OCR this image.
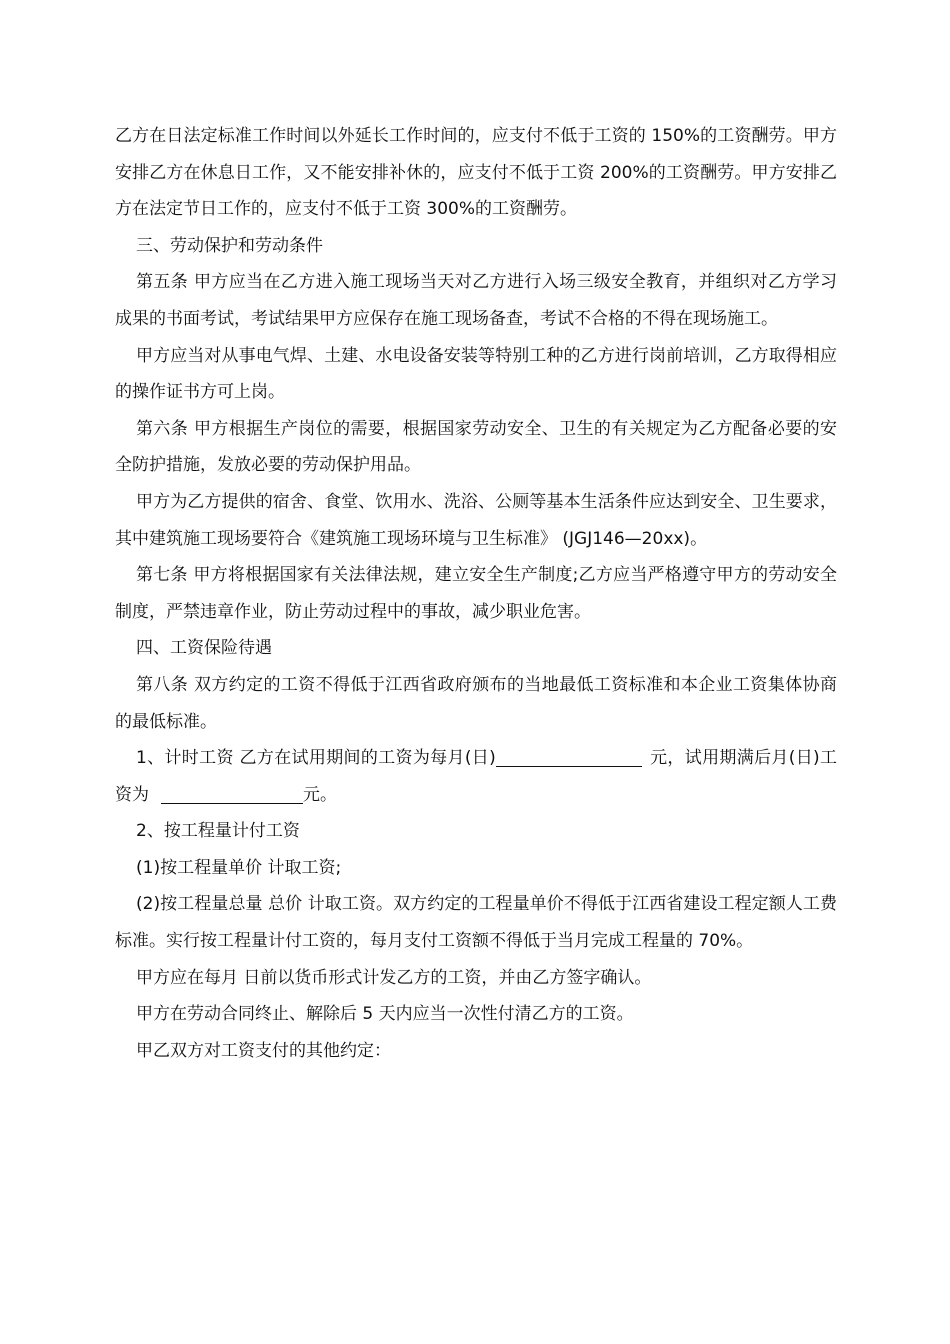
乙方在日法定标准工作时间以外延长工作时间的，应支付不低于工资的 150%的工资酬劳。甲方安排乙方在休息日工作，又不能安排补休的，应支付不低于工资 200%的工资酬劳。甲方安排乙方在法定节日工作的，应支付不低于工资 300%的工资酬劳。

三、劳动保护和劳动条件

第五条 甲方应当在乙方进入施工现场当天对乙方进行入场三级安全教育，并组织对乙方学习成果的书面考试，考试结果甲方应保存在施工现场备查，考试不合格的不得在现场施工。

甲方应当对从事电气焊、土建、水电设备安装等特别工种的乙方进行岗前培训，乙方取得相应的操作证书方可上岗。

第六条 甲方根据生产岗位的需要，根据国家劳动安全、卫生的有关规定为乙方配备必要的安全防护措施，发放必要的劳动保护用品。

甲方为乙方提供的宿舍、食堂、饮用水、洗浴、公厕等基本生活条件应达到安全、卫生要求，其中建筑施工现场要符合《建筑施工现场环境与卫生标准》 (JGJ146—20xx)。

第七条 甲方将根据国家有关法律法规，建立安全生产制度;乙方应当严格遵守甲方的劳动安全制度，严禁违章作业，防止劳动过程中的事故，减少职业危害。

四、工资保险待遇

第八条 双方约定的工资不得低于江西省政府颁布的当地最低工资标准和本企业工资集体协商的最低标准。

1、计时工资 乙方在试用期间的工资为每月(日)	元，试用期满后月(日)工资为	元。

2、按工程量计付工资

(1)按工程量单价 计取工资;

(2)按工程量总量 总价 计取工资。双方约定的工程量单价不得低于江西省建设工程定额人工费标准。实行按工程量计付工资的，每月支付工资额不得低于当月完成工程量的 70%。

甲方应在每月 日前以货币形式计发乙方的工资，并由乙方签字确认。

甲方在劳动合同终止、解除后 5 天内应当一次性付清乙方的工资。

甲乙双方对工资支付的其他约定：
